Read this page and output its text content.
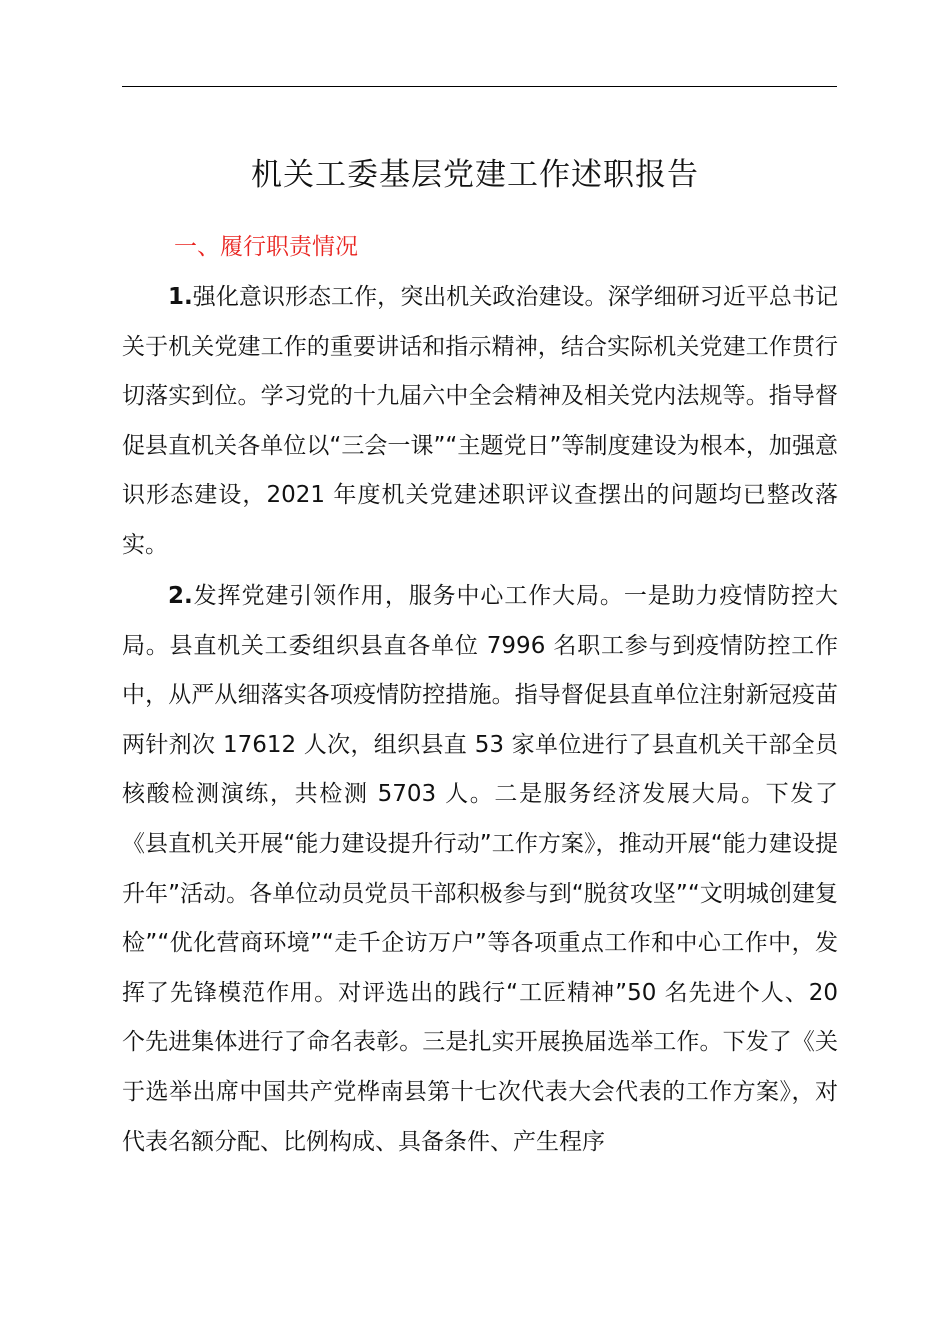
机关工委基层党建工作述职报告
一、履行职责情况

1.强化意识形态工作，突出机关政治建设。深学细研习近平总书记关于机关党建工作的重要讲话和指示精神，结合实际机关党建工作贯行切落实到位。学习党的十九届六中全会精神及相关党内法规等。指导督促县直机关各单位以“三会一课”“主题党日”等制度建设为根本，加强意识形态建设，2021 年度机关党建述职评议查摆出的问题均已整改落实。

2.发挥党建引领作用，服务中心工作大局。一是助力疫情防控大局。县直机关工委组织县直各单位 7996 名职工参与到疫情防控工作中，从严从细落实各项疫情防控措施。指导督促县直单位注射新冠疫苗两针剂次 17612 人次，组织县直 53 家单位进行了县直机关干部全员核酸检测演练，共检测 5703 人。二是服务经济发展大局。下发了《县直机关开展“能力建设提升行动”工作方案》，推动开展“能力建设提升年”活动。各单位动员党员干部积极参与到“脱贫攻坚”“文明城创建复检”“优化营商环境”“走千企访万户”等各项重点工作和中心工作中，发挥了先锋模范作用。对评选出的践行“工匠精神”50 名先进个人、20 个先进集体进行了命名表彰。三是扎实开展换届选举工作。下发了《关于选举出席中国共产党桦南县第十七次代表大会代表的工作方案》，对代表名额分配、比例构成、具备条件、产生程序
